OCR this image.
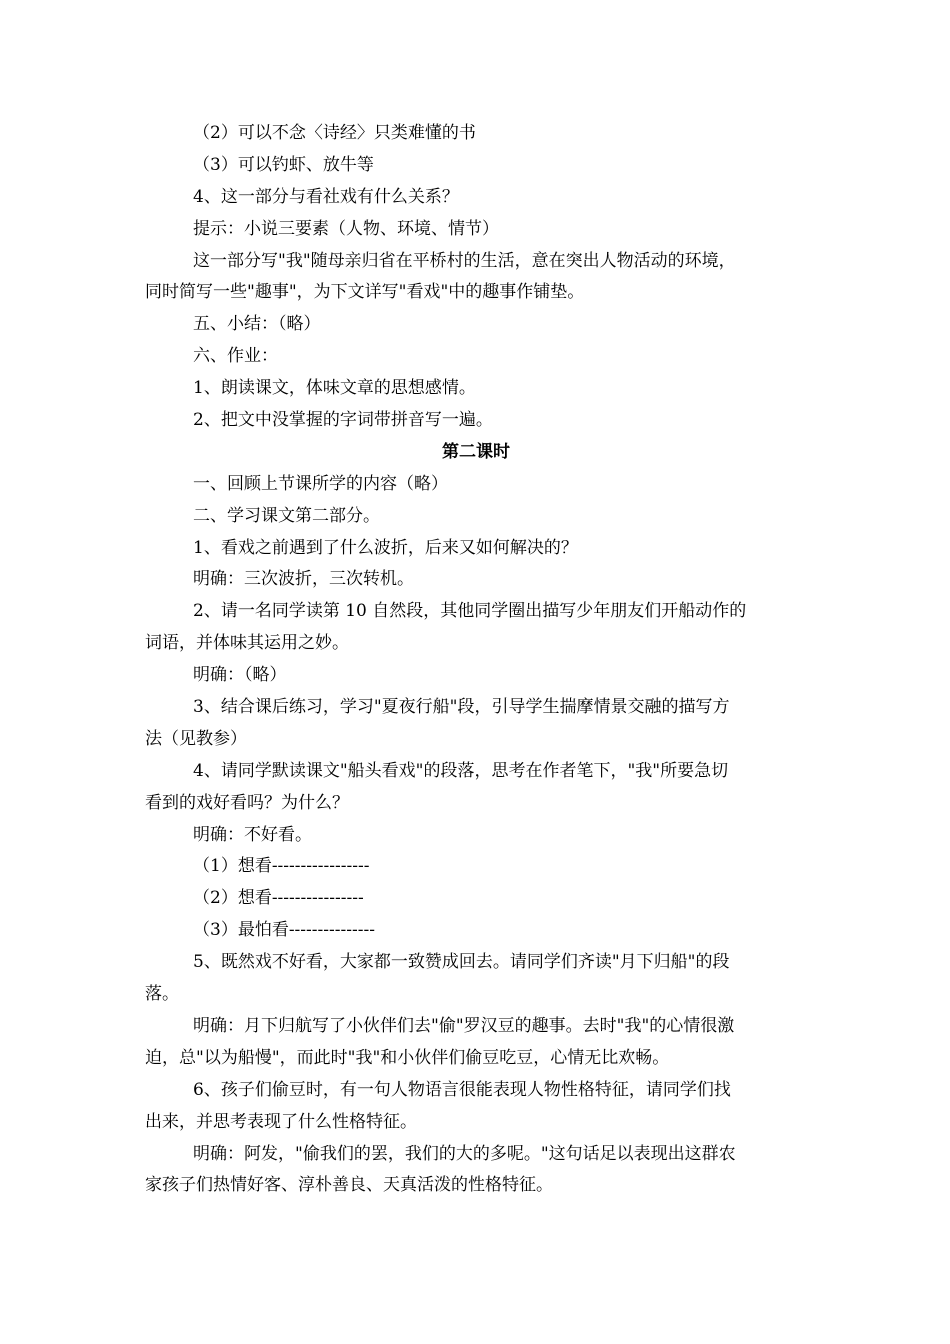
（2）可以不念〈诗经〉只类难懂的书

（3）可以钓虾、放牛等

4、这一部分与看社戏有什么关系？

提示：小说三要素（人物、环境、情节）

这一部分写"我"随母亲归省在平桥村的生活，意在突出人物活动的环境，

同时简写一些"趣事"，为下文详写"看戏"中的趣事作铺垫。

五、小结：（略）

六、作业：

1、朗读课文，体味文章的思想感情。

2、把文中没掌握的字词带拼音写一遍。

第二课时

一、回顾上节课所学的内容（略）

二、学习课文第二部分。

1、看戏之前遇到了什么波折，后来又如何解决的？

明确：三次波折，三次转机。

2、请一名同学读第 10 自然段，其他同学圈出描写少年朋友们开船动作的

词语，并体味其运用之妙。

明确：（略）

3、结合课后练习，学习"夏夜行船"段，引导学生揣摩情景交融的描写方

法（见教参）

4、请同学默读课文"船头看戏"的段落，思考在作者笔下，"我"所要急切

看到的戏好看吗？为什么？

明确：不好看。

（1）想看-----------------

（2）想看----------------

（3）最怕看---------------

5、既然戏不好看，大家都一致赞成回去。请同学们齐读"月下归船"的段

落。

明确：月下归航写了小伙伴们去"偷"罗汉豆的趣事。去时"我"的心情很激

迫，总"以为船慢"，而此时"我"和小伙伴们偷豆吃豆，心情无比欢畅。

6、孩子们偷豆时，有一句人物语言很能表现人物性格特征，请同学们找

出来，并思考表现了什么性格特征。

明确：阿发，"偷我们的罢，我们的大的多呢。"这句话足以表现出这群农

家孩子们热情好客、淳朴善良、天真活泼的性格特征。
